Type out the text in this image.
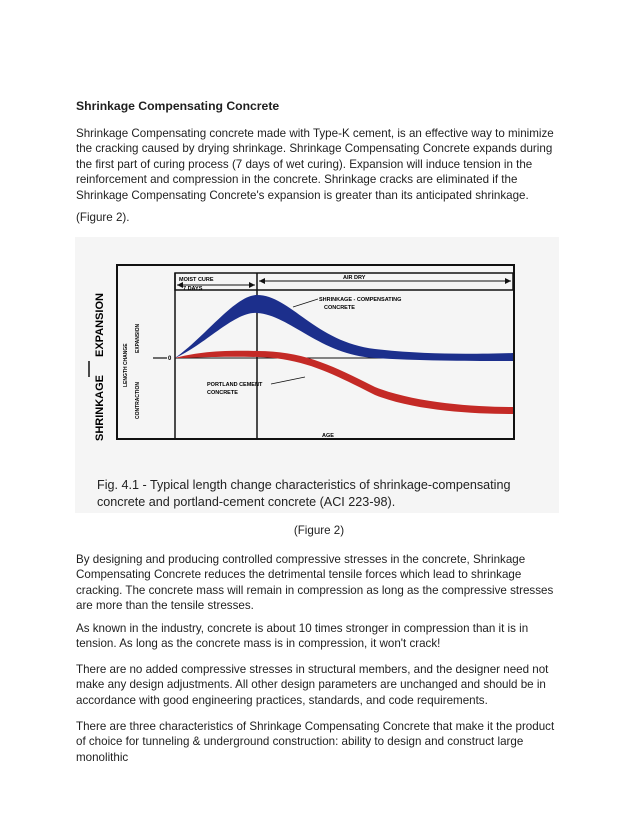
Shrinkage Compensating Concrete

Shrinkage Compensating concrete made with Type-K cement, is an effective way to minimize the cracking caused by drying shrinkage. Shrinkage Compensating Concrete expands during the first part of curing process (7 days of wet curing). Expansion will induce tension in the reinforcement and compression in the concrete. Shrinkage cracks are eliminated if the Shrinkage Compensating Concrete's expansion is greater than its anticipated shrinkage.

(Figure 2).

MOIST CURE
7 DAYS
AIR DRY
0
SHRINKAGE - COMPENSATING
CONCRETE
PORTLAND CEMENT
CONCRETE
AGE
LENGTH CHANGE
EXPANSION
CONTRACTION
EXPANSION
SHRINKAGE
Fig. 4.1 - Typical length change characteristics of shrinkage-compensating
concrete and portland-cement concrete (ACI 223-98).
(Figure 2)

By designing and producing controlled compressive stresses in the concrete, Shrinkage Compensating Concrete reduces the detrimental tensile forces which lead to shrinkage cracking. The concrete mass will remain in compression as long as the compressive stresses are more than the tensile stresses.

As known in the industry, concrete is about 10 times stronger in compression than it is in tension. As long as the concrete mass is in compression, it won't crack!

There are no added compressive stresses in structural members, and the designer need not make any design adjustments. All other design parameters are unchanged and should be in accordance with good engineering practices, standards, and code requirements.

There are three characteristics of Shrinkage Compensating Concrete that make it the product of choice for tunneling & underground construction: ability to design and construct large monolithic
